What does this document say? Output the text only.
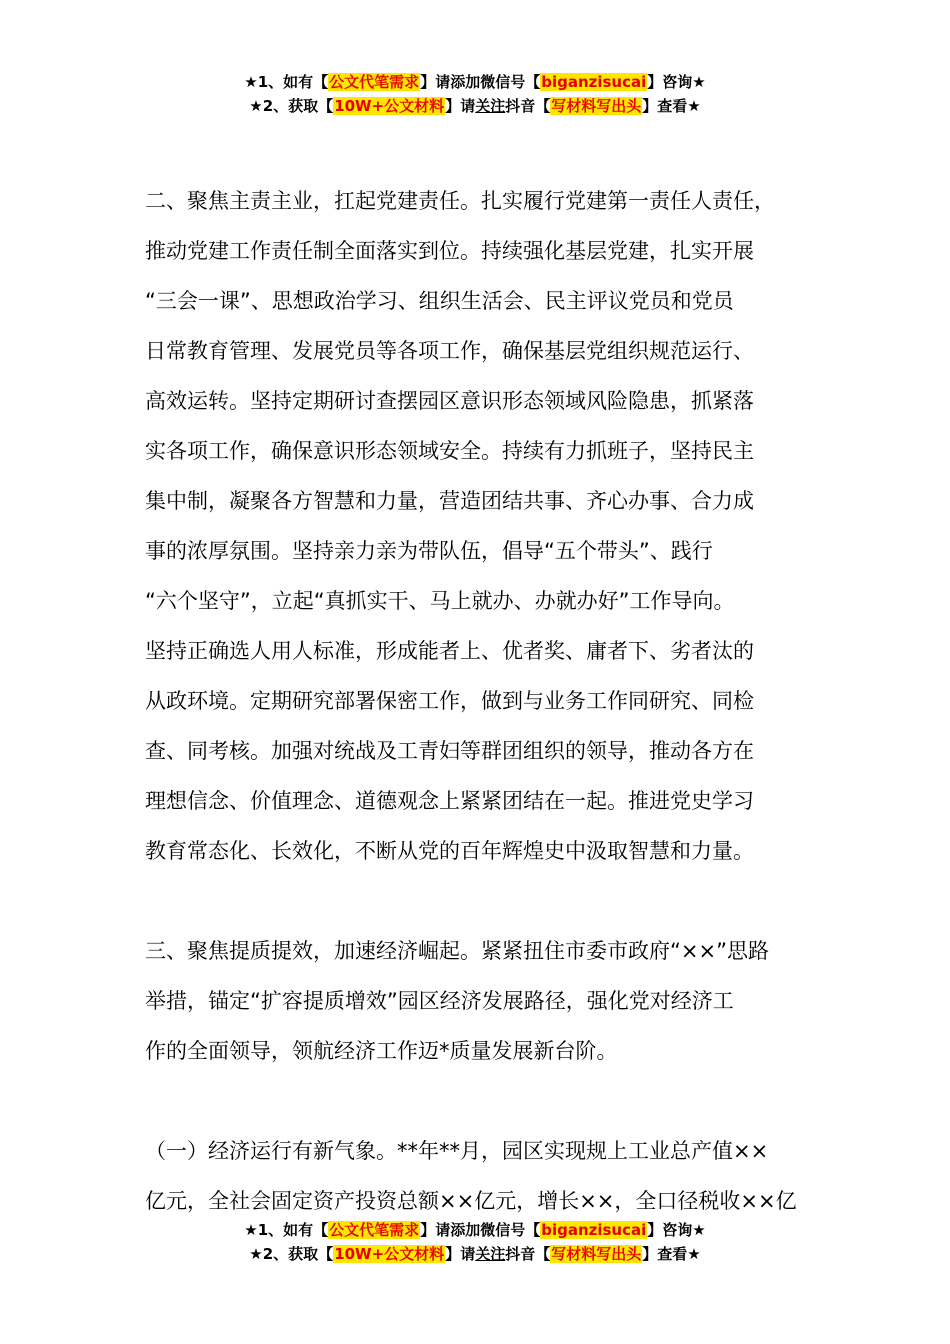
★1、如有【公文代笔需求】请添加微信号【biganzisucai】咨询★
★2、获取【10W+公文材料】请关注抖音【写材料写出头】查看★
二、聚焦主责主业，扛起党建责任。扎实履行党建第一责任人责任，
推动党建工作责任制全面落实到位。持续强化基层党建，扎实开展
“三会一课”、思想政治学习、组织生活会、民主评议党员和党员
日常教育管理、发展党员等各项工作，确保基层党组织规范运行、
高效运转。坚持定期研讨查摆园区意识形态领域风险隐患，抓紧落
实各项工作，确保意识形态领域安全。持续有力抓班子，坚持民主
集中制，凝聚各方智慧和力量，营造团结共事、齐心办事、合力成
事的浓厚氛围。坚持亲力亲为带队伍，倡导“五个带头”、践行
“六个坚守”，立起“真抓实干、马上就办、办就办好”工作导向。
坚持正确选人用人标准，形成能者上、优者奖、庸者下、劣者汰的
从政环境。定期研究部署保密工作，做到与业务工作同研究、同检
查、同考核。加强对统战及工青妇等群团组织的领导，推动各方在
理想信念、价值理念、道德观念上紧紧团结在一起。推进党史学习
教育常态化、长效化，不断从党的百年辉煌史中汲取智慧和力量。
三、聚焦提质提效，加速经济崛起。紧紧扭住市委市政府“××”思路
举措，锚定“扩容提质增效”园区经济发展路径，强化党对经济工
作的全面领导，领航经济工作迈*质量发展新台阶。
（一）经济运行有新气象。**年**月，园区实现规上工业总产值××
亿元，全社会固定资产投资总额××亿元，增长××，全口径税收××亿
★1、如有【公文代笔需求】请添加微信号【biganzisucai】咨询★
★2、获取【10W+公文材料】请关注抖音【写材料写出头】查看★
